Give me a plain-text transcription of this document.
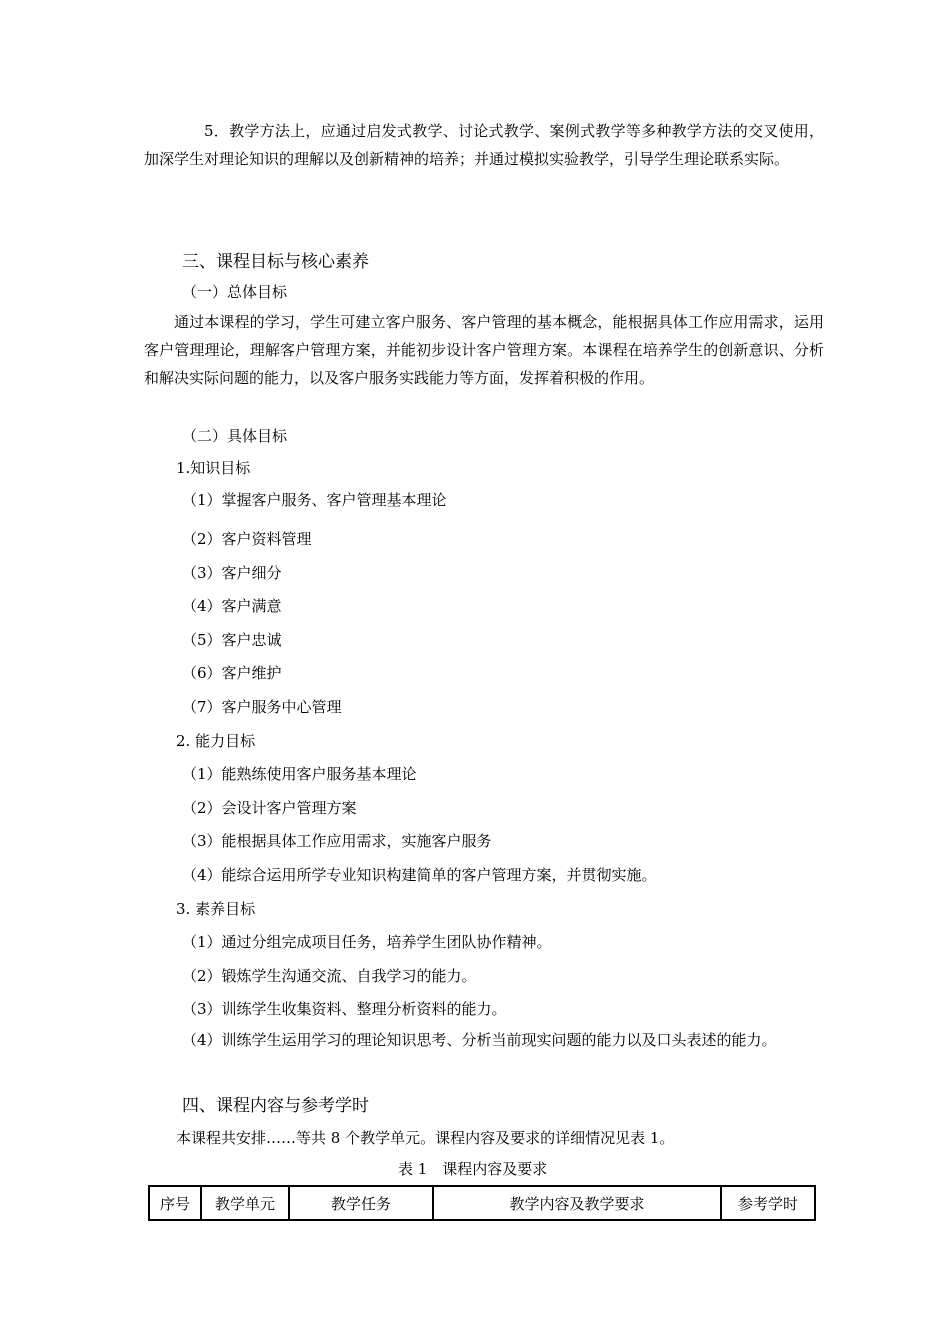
5．教学方法上，应通过启发式教学、讨论式教学、案例式教学等多种教学方法的交叉使用，加深学生对理论知识的理解以及创新精神的培养；并通过模拟实验教学，引导学生理论联系实际。
三、课程目标与核心素养
（一）总体目标
通过本课程的学习，学生可建立客户服务、客户管理的基本概念，能根据具体工作应用需求，运用客户管理理论，理解客户管理方案，并能初步设计客户管理方案。本课程在培养学生的创新意识、分析和解决实际问题的能力，以及客户服务实践能力等方面，发挥着积极的作用。
（二）具体目标
1.知识目标
（1）掌握客户服务、客户管理基本理论
（2）客户资料管理
（3）客户细分
（4）客户满意
（5）客户忠诚
（6）客户维护
（7）客户服务中心管理
2. 能力目标
（1）能熟练使用客户服务基本理论
（2）会设计客户管理方案
（3）能根据具体工作应用需求，实施客户服务
（4）能综合运用所学专业知识构建简单的客户管理方案，并贯彻实施。
3. 素养目标
（1）通过分组完成项目任务，培养学生团队协作精神。
（2）锻炼学生沟通交流、自我学习的能力。
（3）训练学生收集资料、整理分析资料的能力。
（4）训练学生运用学习的理论知识思考、分析当前现实问题的能力以及口头表述的能力。
四、课程内容与参考学时
本课程共安排……等共 8 个教学单元。课程内容及要求的详细情况见表 1。
表 1　课程内容及要求
序号	教学单元	教学任务	教学内容及教学要求	参考学时
